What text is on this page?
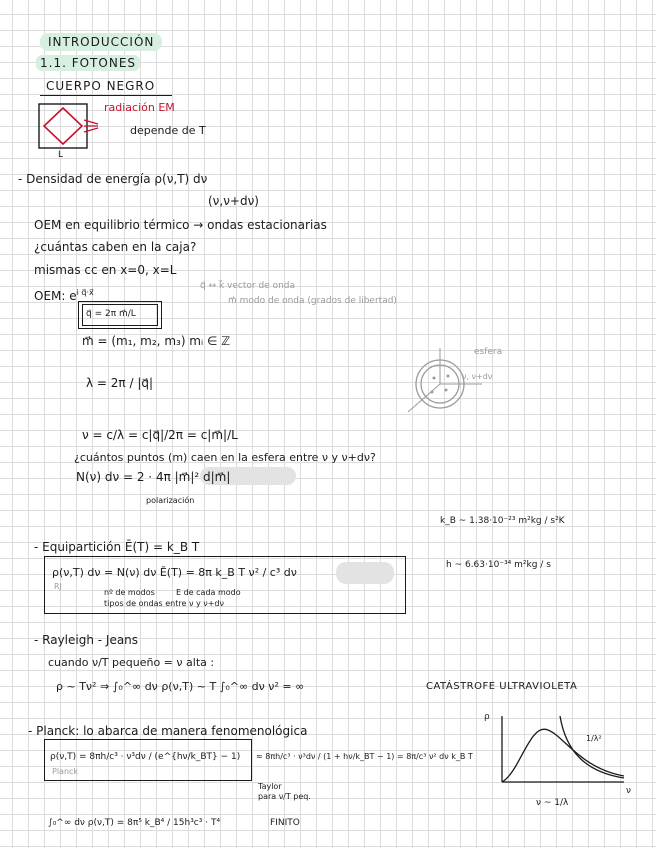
INTRODUCCIÓN
1.1. FOTONES
CUERPO NEGRO
radiación EM
depende de T
L
- Densidad de energía ρ(ν,T) dν
(ν,ν+dν)
OEM en equilibrio térmico → ondas estacionarias
¿cuántas caben en la caja?
mismas cc en x=0, x=L
OEM: $e^{i q⃗\cdot x⃗}$
q⃗ ↔ k⃗ vector de onda
m⃗ modo de onda (grados de libertad)
q⃗ = 2π m⃗/L
m⃗ = (m₁, m₂, m₃) mᵢ ∈ ℤ
λ = 2π / |q⃗|
ν = c/λ = c|q⃗|/2π = c|m⃗|/L
esfera
ν, ν+dν
¿cuántos puntos (m) caen en la esfera entre ν y ν+dν?
N(ν) dν = 2 · 4π |m⃗|² d|m⃗|
polarización
k_B ~ 1.38·10⁻²³ m²kg / s²K
h ~ 6.63·10⁻³⁴ m²kg / s
- Equipartición Ē(T) = k_B T
ρ(ν,T) dν = N(ν) dν Ē(T) = 8π k_B T ν² / c³ dν
RJ
nº de modos	E de cada modo
tipos de ondas entre ν y ν+dν
- Rayleigh - Jeans
cuando ν/T pequeño = ν alta :
ρ ~ Tν² ⇒ ∫₀^∞ dν ρ(ν,T) ~ T ∫₀^∞ dν ν² = ∞	CATÁSTROFE ULTRAVIOLETA
- Planck: lo abarca de manera fenomenológica
ρ(ν,T) = 8πh/c³ · ν³dν / (e^{hν/k_BT} − 1)
Planck
≈ 8πh/c³ · ν³dν / (1 + hν/k_BT − 1) = 8π/c³ ν² dν k_B T
Taylor
para ν/T peq.
∫₀^∞ dν ρ(ν,T) = 8π⁵ k_B⁴ / 15h³c³ · T⁴	FINITO
ρ
ν
1/λ²
ν ~ 1/λ
